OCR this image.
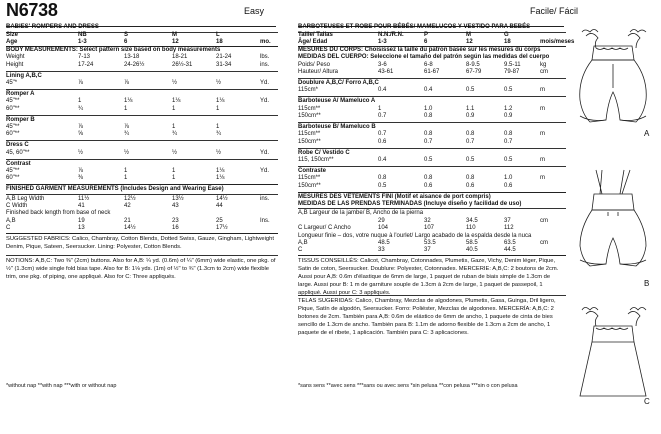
N6738	Easy	Facile/ Fácil
BABIES' ROMPERS AND DRESS
Size	NB	S	M	L
Age	1-3	6	12	18	mo.
BODY MEASUREMENTS: Select pattern size based on body measurements
Weight	7-13	13-18	18-21	21-24	lbs.
Height	17-24	24-26½	26½-31	31-34	ins.
Lining A,B,C
45"*	⅞	⅞	½	½	Yd.
Romper A
45"**	1	1⅛	1⅛	1⅛	Yd.
60"**	¾	1	1	1
Romper B
45"**	⅞	⅞	1	1
60"**	⅝	¾	¾	¾
Dress C
45, 60"**	½	½	½	½	Yd.
Contrast
45"**	⅞	1	1	1⅛	Yd.
60"**	⅜	1	1	1⅛
FINISHED GARMENT MEASUREMENTS (Includes Design and Wearing Ease)
A,B Leg Width	11½	12½	13½	14½	ins.
C Width	41	42	43	44
Finished back length from base of neck
A,B	19	21	23	25	Ins.
C	13	14½	16	17½
SUGGESTED FABRICS: Calico, Chambray, Cotton Blends, Dotted Swiss, Gauze, Gingham, Lightweight Denim, Pique, Sateen, Seersucker. Lining: Polyester, Cotton Blends.
NOTIONS: A,B,C: Two ⅜" (2cm) buttons. Also for A,B: ¼ yd. (0.6m) of ¼" (6mm) wide elastic, one pkg. of ½" (1.3cm) wide single fold bias tape. Also for B: 1⅛ yds. (1m) of ½" to ¾" (1.3cm to 2cm) wide flexible trim, one pkg. of piping, one appliqué. Also for C: Three appliqués.
*without nap **with nap ***with or without nap
BARBOTEUSES ET ROBE POUR BÉBÉS/ MAMELUCOS Y VESTIDO PARA BEBÉS
Taille/ Tallas	N.N./R.N.	P	M	G
Âge/ Edad	1-3	6	12	18	mois/meses
MESURES DU CORPS: Choisissez la taille du patron basée sur les mesures du corps
MEDIDAS DEL CUERPO: Seleccione el tamaño del patrón según las medidas del cuerpo
Poids/ Peso	3-6	6-8	8-9.5	9.5-11	kg
Hauteur/ Altura	43-61	61-67	67-79	79-87	cm
Doublure A,B,C/ Forro A,B,C
115cm*	0.4	0.4	0.5	0.5	m
Barboteuse A/ Mameluco A
115cm**	1	1.0	1.1	1.2	m
150cm**	0.7	0.8	0.9	0.9
Barboteuse B/ Mameluco B
115cm**	0.7	0.8	0.8	0.8	m
150cm**	0.6	0.7	0.7	0.7
Robe C/ Vestido C
115, 150cm**	0.4	0.5	0.5	0.5	m
Contraste
115cm**	0.8	0.8	0.8	1.0	m
150cm**	0.5	0.6	0.6	0.6
MESURES DES VÊTEMENTS FINI (Motif et aisance de port compris)
MEDIDAS DE LAS PRENDAS TERMINADAS (Incluye diseño y facilidad de uso)
A,B Largeur de la jambe/ B, Ancho de la pierna
29	32	34.5	37	cm
C Largeur/ C Ancho	104	107	110	112
Longueur finie – dos, votre nuque à l'ourlet/ Largo acabado de la espalda desde la nuca
A,B	48.5	53.5	58.5	63.5	cm
C	33	37	40.5	44.5
TISSUS CONSEILLÉS: Calicot, Chambray, Cotonnades, Plumetis, Gaze, Vichy, Denim léger, Pique, Satin de coton, Seersucker. Doublure: Polyester, Cotonnades. MERCERIE: A,B,C: 2 boutons de 2cm. Aussi pour A,B: 0.6m d'élastique de 6mm de large, 1 paquet de ruban de biais simple de 1.3cm de large. Aussi pour B: 1 m de garniture souple de 1.3cm à 2cm de large, 1 paquet de passepoil, 1 appliqué. Aussi pour C: 3 appliqués.
TELAS SUGERIDAS: Calico, Chambray, Mezclas de algodones, Plumetis, Gasa, Guinga, Dril ligero, Pique, Satín de algodón, Seersucker. Forro: Poliéster, Mezclas de algodones. MERCERÍA: A,B,C: 2 botones de 2cm. También para A,B: 0.6m de elástico de 6mm de ancho, 1 paquete de cinta de bies sencillo de 1.3cm de ancho. También para B: 1.1m de adorno flexible de 1.3cm a 2cm de ancho, 1 paquete de el ribete, 1 aplicación. También para C: 3 aplicaciones.
*sans sens **avec sens ***sans ou avec sens *sin pelusa **con pelusa ***sin o con pelusa
A
B
C
